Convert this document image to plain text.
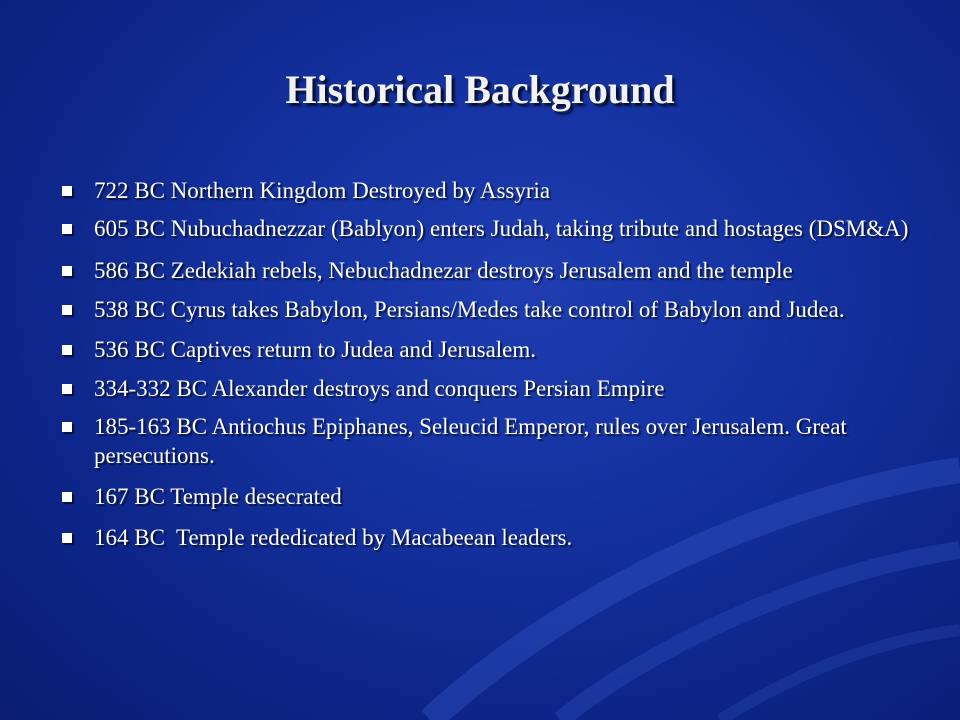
Historical Background
722 BC Northern Kingdom Destroyed by Assyria
605 BC Nubuchadnezzar (Bablyon) enters Judah, taking tribute and hostages (DSM&A)
586 BC Zedekiah rebels, Nebuchadnezar destroys Jerusalem and the temple
538 BC Cyrus takes Babylon, Persians/Medes take control of Babylon and Judea.
536 BC Captives return to Judea and Jerusalem.
334-332 BC Alexander destroys and conquers Persian Empire
185-163 BC Antiochus Epiphanes, Seleucid Emperor, rules over Jerusalem. Great persecutions.
167 BC Temple desecrated
164 BC  Temple rededicated by Macabeean leaders.
